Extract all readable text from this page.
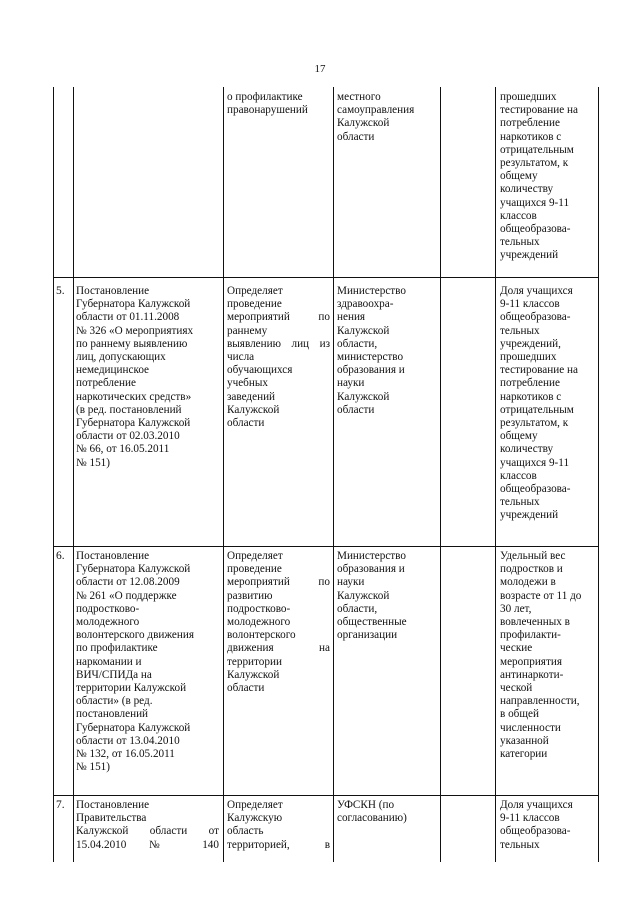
17
о профилактике
правонарушений
местного
самоуправления
Калужской
области
прошедших
тестирование на
потребление
наркотиков с
отрицательным
результатом, к
общему
количеству
учащихся 9-11
классов
общеобразова-
тельных
учреждений
5. Постановление
Губернатора Калужской
области от 01.11.2008
№ 326 «О мероприятиях
по раннему выявлению
лиц, допускающих
немедицинское
потребление
наркотических средств»
(в ред. постановлений
Губернатора Калужской
области от 02.03.2010
№ 66, от 16.05.2011
№ 151)
Определяет
проведение
мероприятий по
раннему
выявлению лиц из
числа
обучающихся
учебных
заведений
Калужской
области
Министерство
здравоохра-
нения
Калужской
области,
министерство
образования и
науки
Калужской
области
Доля учащихся
9-11 классов
общеобразова-
тельных
учреждений,
прошедших
тестирование на
потребление
наркотиков с
отрицательным
результатом, к
общему
количеству
учащихся 9-11
классов
общеобразова-
тельных
учреждений
6. Постановление
Губернатора Калужской
области от 12.08.2009
№ 261 «О поддержке
подростково-
молодежного
волонтерского движения
по профилактике
наркомании и
ВИЧ/СПИДа на
территории Калужской
области» (в ред.
постановлений
Губернатора Калужской
области от 13.04.2010
№ 132, от 16.05.2011
№ 151)
Определяет
проведение
мероприятий по
развитию
подростково-
молодежного
волонтерского
движения на
территории
Калужской
области
Министерство
образования и
науки
Калужской
области,
общественные
организации
Удельный вес
подростков и
молодежи в
возрасте от 11 до
30 лет,
вовлеченных в
профилакти-
ческие
мероприятия
антинаркоти-
ческой
направленности,
в общей
численности
указанной
категории
7. Постановление
Правительства
Калужской области от
15.04.2010 № 140
Определяет
Калужскую
область
территорией, в
УФСКН (по
согласованию)
Доля учащихся
9-11 классов
общеобразова-
тельных
